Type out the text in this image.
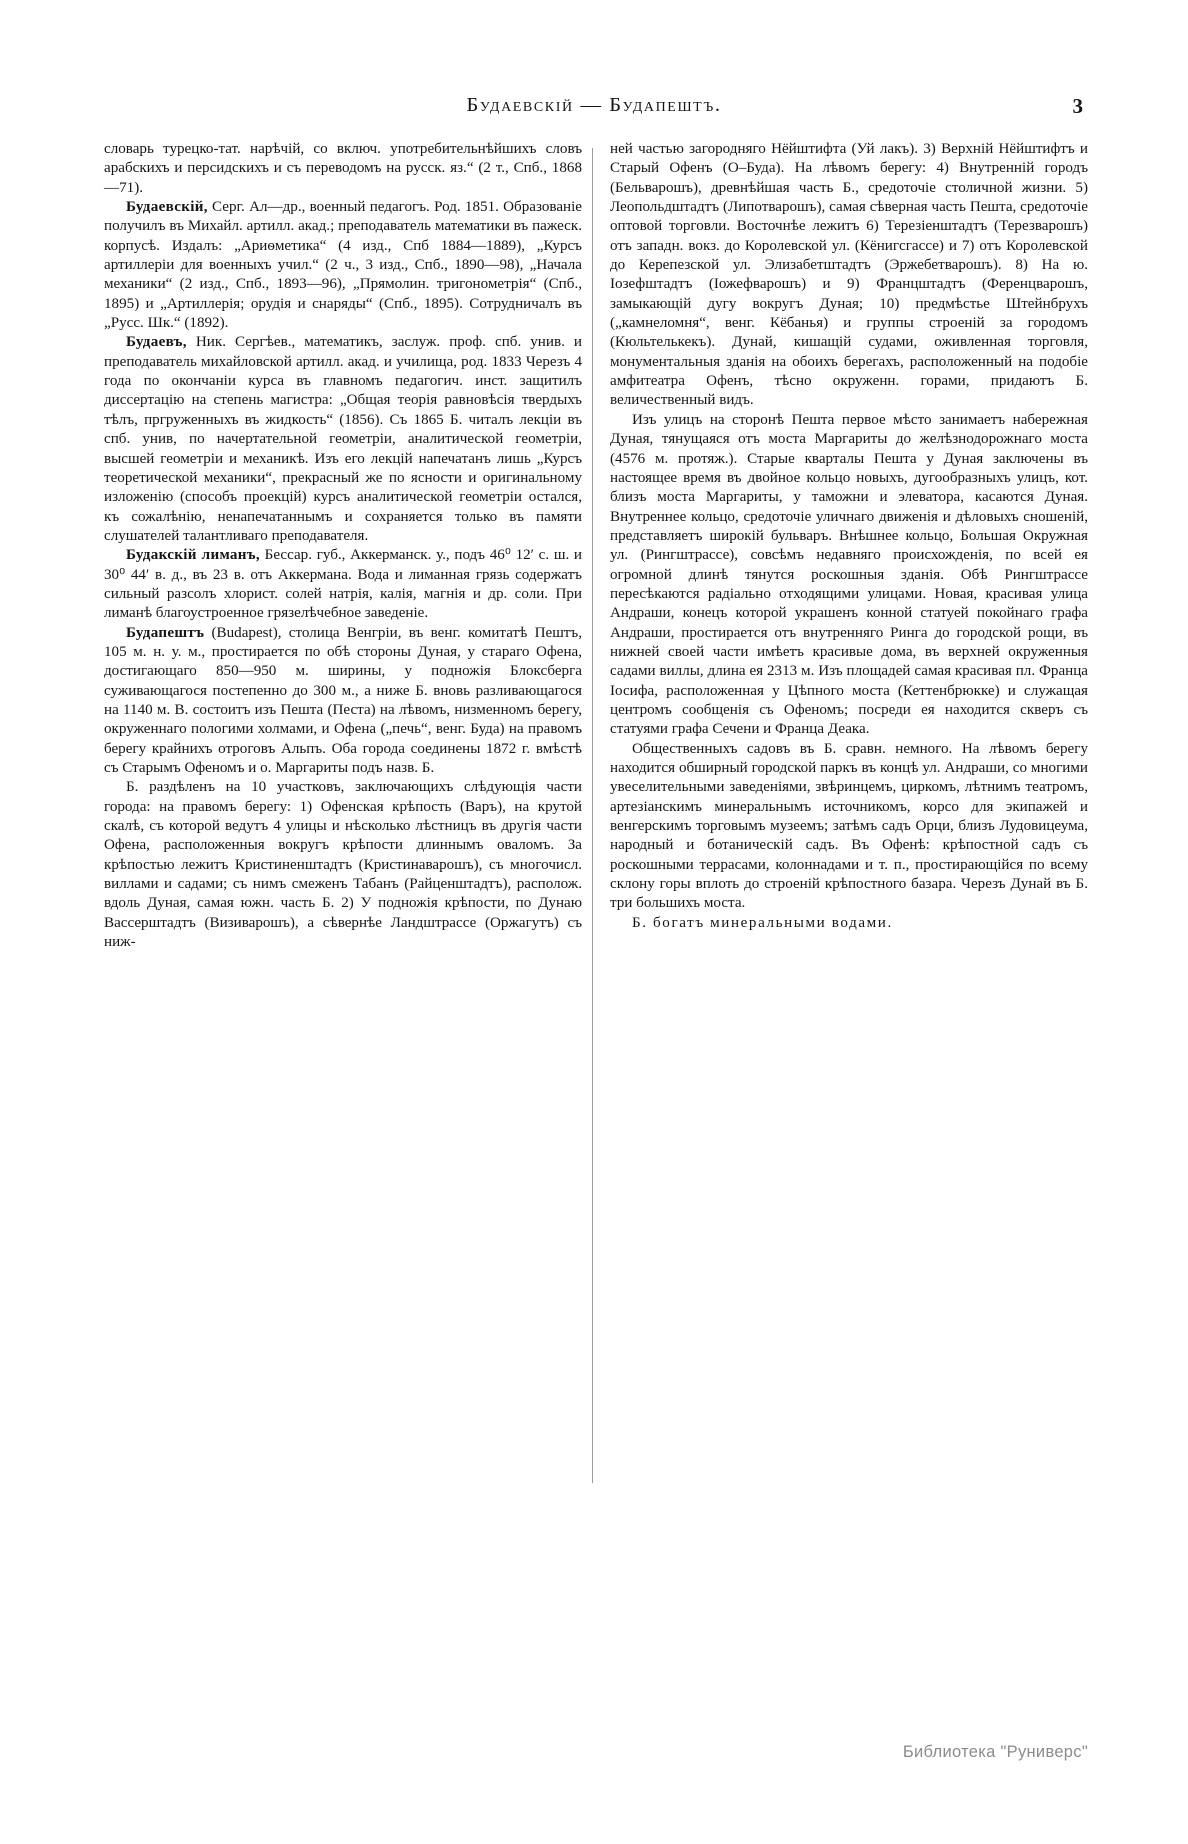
Будаевскiй — Будапештъ.	3

словарь турецко-тат. нарѣчiй, со включ. употребительнѣйшихъ словъ арабскихъ и персидскихъ и съ переводомъ на русск. яз.“ (2 т., Спб., 1868—71).

Будаевскiй, Серг. Ал—др., военный педагогъ. Род. 1851. Образованiе получилъ въ Михайл. артилл. акад.; преподаватель математики въ пажеск. корпусѣ. Издалъ: „Ариѳметика“ (4 изд., Спб 1884—1889), „Курсъ артиллерiи для военныхъ учил.“ (2 ч., 3 изд., Спб., 1890—98), „Начала механики“ (2 изд., Спб., 1893—96), „Прямолин. тригонометрiя“ (Спб., 1895) и „Артиллерiя; орудiя и снаряды“ (Спб., 1895). Сотрудничалъ въ „Русс. Шк.“ (1892).

Будаевъ, Ник. Сергѣев., математикъ, заслуж. проф. спб. унив. и преподаватель михайловской артилл. акад. и училища, род. 1833 Черезъ 4 года по окончанiи курса въ главномъ педагогич. инст. защитилъ диссертацiю на степень магистра: „Общая теорiя равновѣсiя твердыхъ тѣлъ, пргруженныхъ въ жидкость“ (1856). Съ 1865 Б. читалъ лекцiи въ спб. унив, по начертательной геометрiи, аналитической геометрiи, высшей геометрiи и механикѣ. Изъ его лекцiй напечатанъ лишь „Курсъ теоретической механики“, прекрасный же по ясности и оригинальному изложенiю (способъ проекцiй) курсъ аналитической геометрiи остался, къ сожалѣнiю, ненапечатаннымъ и сохраняется только въ памяти слушателей талантливаго преподавателя.

Будакскiй лиманъ, Бессар. губ., Аккерманск. у., подъ 46⁰ 12′ с. ш. и 30⁰ 44′ в. д., въ 23 в. отъ Аккермана. Вода и лиманная грязь содержатъ сильный разсолъ хлорист. солей натрiя, калiя, магнiя и др. соли. При лиманѣ благоустроенное грязелѣчебное заведенiе.

Будапештъ (Budapest), столица Венгрiи, въ венг. комитатѣ Пештъ, 105 м. н. у. м., простирается по обѣ стороны Дуная, у стараго Офена, достигающаго 850—950 м. ширины, у подножiя Блоксберга суживающагося постепенно до 300 м., а ниже Б. вновь разливающагося на 1140 м. В. состоитъ изъ Пешта (Песта) на лѣвомъ, низменномъ берегу, окруженнаго пологими холмами, и Офена („печь“, венг. Буда) на правомъ берегу крайнихъ отроговъ Альпъ. Оба города соединены 1872 г. вмѣстѣ съ Старымъ Офеномъ и о. Маргариты подъ назв. Б.

Б. раздѣленъ на 10 участковъ, заключающихъ слѣдующiя части города: на правомъ берегу: 1) Офенская крѣпость (Варъ), на крутой скалѣ, съ которой ведутъ 4 улицы и нѣсколько лѣстницъ въ другiя части Офена, расположенныя вокругъ крѣпости длиннымъ оваломъ. За крѣпостью лежитъ Кристиненштадтъ (Кристинаварошъ), съ многочисл. виллами и садами; съ нимъ смеженъ Табанъ (Райценштадтъ), располож. вдоль Дуная, самая южн. часть Б. 2) У подножiя крѣпости, по Дунаю Вассерштадтъ (Визиварошъ), а сѣвернѣе Ландштрассе (Оржагутъ) съ ниж-

ней частью загородняго Нёйштифта (Уй лакъ). 3) Верхнiй Нёйштифтъ и Старый Офенъ (О–Буда). На лѣвомъ берегу: 4) Внутреннiй городъ (Бельварошъ), древнѣйшая часть Б., средоточiе столичной жизни. 5) Леопольдштадтъ (Липотварошъ), самая сѣверная часть Пешта, средоточiе оптовой торговли. Восточнѣе лежитъ 6) Терезiенштадтъ (Терезварошъ) отъ западн. вокз. до Королевской ул. (Кёнигсгассе) и 7) отъ Королевской до Керепезской ул. Элизабетштадтъ (Эржебетварошъ). 8) На ю. Iозефштадтъ (Iожефварошъ) и 9) Францштадтъ (Ференцварошъ, замыкающiй дугу вокругъ Дуная; 10) предмѣстье Штейнбрухъ („камнеломня“, венг. Кёбанья) и группы строенiй за городомъ (Кюльтелькекъ). Дунай, кишащiй судами, оживленная торговля, монументальныя зданiя на обоихъ берегахъ, расположенный на подобiе амфитеатра Офенъ, тѣсно окруженн. горами, придаютъ Б. величественный видъ.

Изъ улицъ на сторонѣ Пешта первое мѣсто занимаетъ набережная Дуная, тянущаяся отъ моста Маргариты до желѣзнодорожнаго моста (4576 м. протяж.). Старые кварталы Пешта у Дуная заключены въ настоящее время въ двойное кольцо новыхъ, дугообразныхъ улицъ, кот. близъ моста Маргариты, у таможни и элеватора, касаются Дуная. Внутреннее кольцо, средоточiе уличнаго движенiя и дѣловыхъ сношенiй, представляетъ широкiй бульваръ. Внѣшнее кольцо, Большая Окружная ул. (Рингштрассе), совсѣмъ недавняго происхожденiя, по всей ея огромной длинѣ тянутся роскошныя зданiя. Обѣ Рингштрассе пересѣкаются радiально отходящими улицами. Новая, красивая улица Андраши, конецъ которой украшенъ конной статуей покойнаго графа Андраши, простирается отъ внутренняго Ринга до городской рощи, въ нижней своей части имѣетъ красивые дома, въ верхней окруженныя садами виллы, длина ея 2313 м. Изъ площадей самая красивая пл. Франца Iосифа, расположенная у Цѣпного моста (Кеттенбрюкке) и служащая центромъ сообщенiя съ Офеномъ; посреди ея находится скверъ съ статуями графа Сечени и Франца Деака.

Общественныхъ садовъ въ Б. сравн. немного. На лѣвомъ берегу находится обширный городской паркъ въ концѣ ул. Андраши, со многими увеселительными заведенiями, звѣринцемъ, циркомъ, лѣтнимъ театромъ, артезiанскимъ минеральнымъ источникомъ, корсо для экипажей и венгерскимъ торговымъ музеемъ; затѣмъ садъ Орци, близъ Лудовицеума, народный и ботаническiй садъ. Въ Офенѣ: крѣпостной садъ съ роскошными террасами, колоннадами и т. п., простирающiйся по всему склону горы вплоть до строенiй крѣпостного базара. Черезъ Дунай въ Б. три большихъ моста.

Б. богатъ минеральными водами.

Библиотека "Руниверс"
